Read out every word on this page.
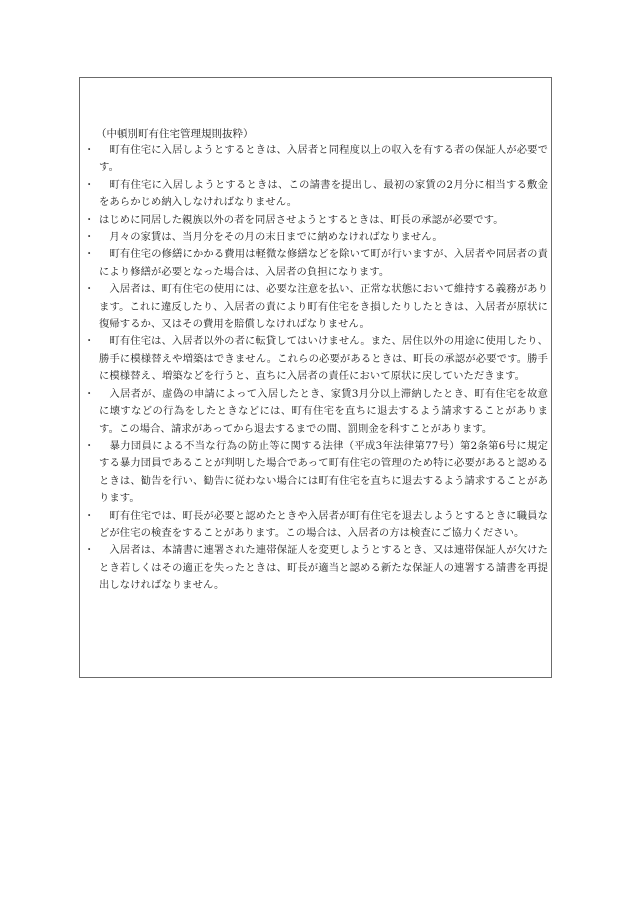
（中頓別町有住宅管理規則抜粋）
・ 　町有住宅に入居しようとするときは、入居者と同程度以上の収入を有する者の保証人が必要です。
・ 　町有住宅に入居しようとするときは、この請書を提出し、最初の家賃の2月分に相当する敷金をあらかじめ納入しなければなりません。
・ はじめに同居した親族以外の者を同居させようとするときは、町長の承認が必要です。
・ 　月々の家賃は、当月分をその月の末日までに納めなければなりません。
・ 　町有住宅の修繕にかかる費用は軽微な修繕などを除いて町が行いますが、入居者や同居者の責により修繕が必要となった場合は、入居者の負担になります。
・ 　入居者は、町有住宅の使用には、必要な注意を払い、正常な状態において維持する義務があります。これに違反したり、入居者の責により町有住宅をき損したりしたときは、入居者が原状に復帰するか、又はその費用を賠償しなければなりません。
・ 　町有住宅は、入居者以外の者に転貸してはいけません。また、居住以外の用途に使用したり、勝手に模様替えや増築はできません。これらの必要があるときは、町長の承認が必要です。勝手に模様替え、増築などを行うと、直ちに入居者の責任において原状に戻していただきます。
・ 　入居者が、虚偽の申請によって入居したとき、家賃3月分以上滞納したとき、町有住宅を故意に壊すなどの行為をしたときなどには、町有住宅を直ちに退去するよう請求することがあります。この場合、請求があってから退去するまでの間、罰則金を科すことがあります。
・ 　暴力団員による不当な行為の防止等に関する法律（平成3年法律第77号）第2条第6号に規定する暴力団員であることが判明した場合であって町有住宅の管理のため特に必要があると認めるときは、勧告を行い、勧告に従わない場合には町有住宅を直ちに退去するよう請求することがあります。
・ 　町有住宅では、町長が必要と認めたときや入居者が町有住宅を退去しようとするときに職員などが住宅の検査をすることがあります。この場合は、入居者の方は検査にご協力ください。
・ 　入居者は、本請書に連署された連帯保証人を変更しようとするとき、又は連帯保証人が欠けたとき若しくはその適正を失ったときは、町長が適当と認める新たな保証人の連署する請書を再提出しなければなりません。
